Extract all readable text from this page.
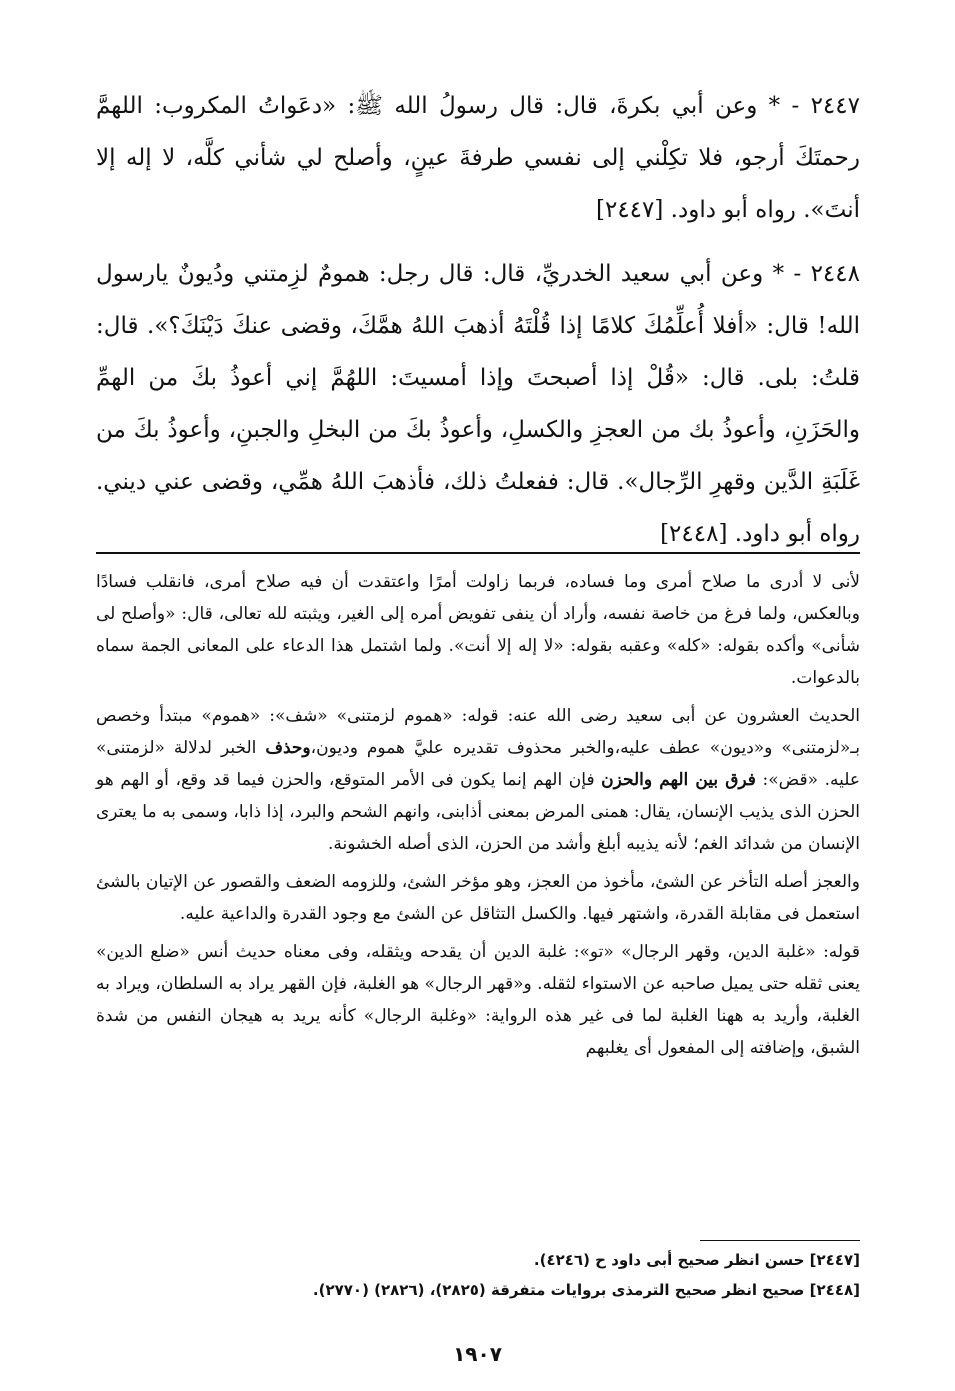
٢٤٤٧ - * وعن أبي بكرةَ، قال: قال رسولُ الله ﷺ: «دعَواتُ المكروب: اللهمَّ رحمتَكَ أرجو، فلا تكِلْني إلى نفسي طرفةَ عينٍ، وأصلح لي شأني كلَّه، لا إله إلا أنتَ». رواه أبو داود. [٢٤٤٧]

٢٤٤٨ - * وعن أبي سعيد الخدريِّ، قال: قال رجل: همومٌ لزِمتني ودُيونٌ يارسول الله! قال: «أفلا أُعلِّمُكَ كلامًا إذا قُلْتَهُ أذهبَ اللهُ همَّكَ، وقضى عنكَ دَيْنَكَ؟». قال: قلتُ: بلى. قال: «قُلْ إذا أصبحتَ وإذا أمسيتَ: اللهُمَّ إني أعوذُ بكَ من الهمِّ والحَزَنِ، وأعوذُ بك من العجزِ والكسلِ، وأعوذُ بكَ من البخلِ والجبنِ، وأعوذُ بكَ من غَلَبَةِ الدَّين وقهرِ الرِّجال». قال: ففعلتُ ذلك، فأذهبَ اللهُ همِّي، وقضى عني ديني. رواه أبو داود. [٢٤٤٨]

لأنى لا أدرى ما صلاح أمرى وما فساده، فربما زاولت أمرًا واعتقدت أن فيه صلاح أمرى، فانقلب فسادًا وبالعكس، ولما فرغ من خاصة نفسه، وأراد أن ينفى تفويض أمره إلى الغير، ويثبته لله تعالى، قال: «وأصلح لى شأنى» وأكده بقوله: «كله» وعقبه بقوله: «لا إله إلا أنت». ولما اشتمل هذا الدعاء على المعانى الجمة سماه بالدعوات.

الحديث العشرون عن أبى سعيد رضى الله عنه: قوله: «هموم لزمتنى» «شف»: «هموم» مبتدأ وخصص بـ«لزمتنى» و«ديون» عطف عليه،والخبر محذوف تقديره عليَّ هموم وديون،وحذف الخبر لدلالة «لزمتنى» عليه. «قض»: فرق بين الهم والحزن فإن الهم إنما يكون فى الأمر المتوقع، والحزن فيما قد وقع، أو الهم هو الحزن الذى يذيب الإنسان، يقال: همنى المرض بمعنى أذابنى، وانهم الشحم والبرد، إذا ذابا، وسمى به ما يعترى الإنسان من شدائد الغم؛ لأنه يذيبه أبلغ وأشد من الحزن، الذى أصله الخشونة.

والعجز أصله التأخر عن الشئ، مأخوذ من العجز، وهو مؤخر الشئ، وللزومه الضعف والقصور عن الإتيان بالشئ استعمل فى مقابلة القدرة، واشتهر فيها. والكسل التثاقل عن الشئ مع وجود القدرة والداعية عليه.

قوله: «غلبة الدين، وقهر الرجال» «تو»: غلبة الدين أن يقدحه ويثقله، وفى معناه حديث أنس «ضلع الدين» يعنى ثقله حتى يميل صاحبه عن الاستواء لثقله. و«قهر الرجال» هو الغلبة، فإن القهر يراد به السلطان، ويراد به الغلبة، وأريد به ههنا الغلبة لما فى غير هذه الرواية: «وغلبة الرجال» كأنه يريد به هيجان النفس من شدة الشبق، وإضافته إلى المفعول أى يغلبهم

[٢٤٤٧] حسن انظر صحيح أبى داود ح (٤٢٤٦).
[٢٤٤٨] صحيح انظر صحيح الترمذى بروايات متفرقة (٢٨٢٥)، (٢٨٢٦) (٢٧٧٠).
١٩٠٧
